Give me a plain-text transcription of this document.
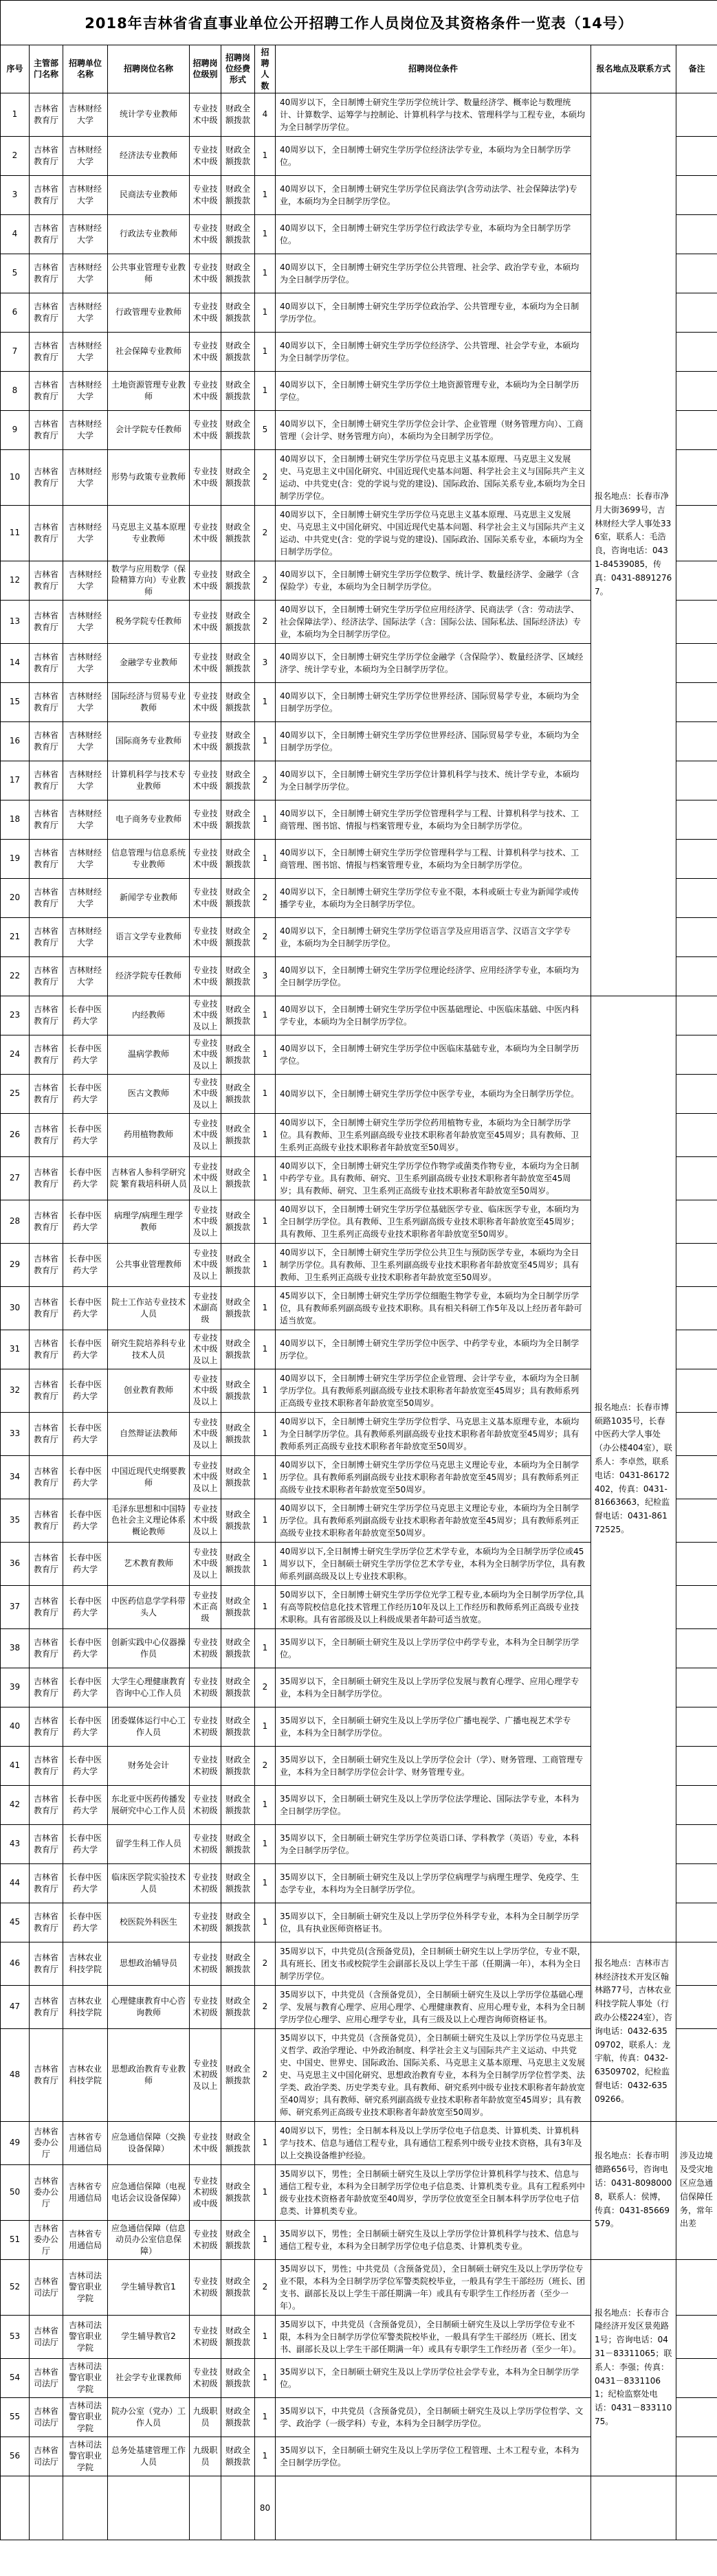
2018年吉林省省直事业单位公开招聘工作人员岗位及其资格条件一览表（14号）									
序号	主管部门名称	招聘单位名称	招聘岗位名称	招聘岗位级别	招聘岗位经费形式	招聘人数	招聘岗位条件	报名地点及联系方式	备注
1	吉林省教育厅	吉林财经大学	统计学专业教师	专业技术中级	财政全额拨款	4	40周岁以下，全日制博士研究生学历学位统计学、数量经济学、概率论与数理统计、计算数学、运筹学与控制论、计算机科学与技术、管理科学与工程专业，本硕均为全日制学历学位。	报名地点：长春市净月大街3699号，吉林财经大学人事处336室，联系人：毛浩良，咨询电话：0431-84539085，传真：0431-88912767。	
2	吉林省教育厅	吉林财经大学	经济法专业教师	专业技术中级	财政全额拨款	1	40周岁以下，全日制博士研究生学历学位经济法学专业，本硕均为全日制学历学位。		
3	吉林省教育厅	吉林财经大学	民商法专业教师	专业技术中级	财政全额拨款	1	40周岁以下，全日制博士研究生学历学位民商法学(含劳动法学、社会保障法学)专业，本硕均为全日制学历学位。		
4	吉林省教育厅	吉林财经大学	行政法专业教师	专业技术中级	财政全额拨款	1	40周岁以下，全日制博士研究生学历学位行政法学专业，本硕均为全日制学历学位。		
5	吉林省教育厅	吉林财经大学	公共事业管理专业教师	专业技术中级	财政全额拨款	1	40周岁以下，全日制博士研究生学历学位公共管理、社会学、政治学专业，本硕均为全日制学历学位。		
6	吉林省教育厅	吉林财经大学	行政管理专业教师	专业技术中级	财政全额拨款	1	40周岁以下，全日制博士研究生学历学位政治学、公共管理专业，本硕均为全日制学历学位。		
7	吉林省教育厅	吉林财经大学	社会保障专业教师	专业技术中级	财政全额拨款	1	40周岁以下，全日制博士研究生学历学位经济学、公共管理、社会学专业，本硕均为全日制学历学位。		
8	吉林省教育厅	吉林财经大学	土地资源管理专业教师	专业技术中级	财政全额拨款	1	40周岁以下，全日制博士研究生学历学位土地资源管理专业，本硕均为全日制学历学位。		
9	吉林省教育厅	吉林财经大学	会计学院专任教师	专业技术中级	财政全额拨款	5	40周岁以下，全日制博士研究生学历学位会计学、企业管理（财务管理方向）、工商管理（会计学、财务管理方向），本硕均为全日制学历学位。		
10	吉林省教育厅	吉林财经大学	形势与政策专业教师	专业技术中级	财政全额拨款	2	40周岁以下，全日制博士研究生学历学位马克思主义基本原理、马克思主义发展史、马克思主义中国化研究、中国近现代史基本问题、科学社会主义与国际共产主义运动、中共党史(含：党的学说与党的建设)、国际政治、国际关系专业,本硕均为全日制学历学位。		
11	吉林省教育厅	吉林财经大学	马克思主义基本原理专业教师	专业技术中级	财政全额拨款	2	40周岁以下，全日制博士研究生学历学位马克思主义基本原理、马克思主义发展史、马克思主义中国化研究、中国近现代史基本问题、科学社会主义与国际共产主义运动、中共党史(含：党的学说与党的建设)、国际政治、国际关系专业，本硕均为全日制学历学位。		
12	吉林省教育厅	吉林财经大学	数学与应用数学（保险精算方向）专业教师	专业技术中级	财政全额拨款	2	40周岁以下，全日制博士研究生学历学位数学、统计学、数量经济学、金融学（含保险学）专业，本硕均为全日制学历学位。		
13	吉林省教育厅	吉林财经大学	税务学院专任教师	专业技术中级	财政全额拨款	2	40周岁以下，全日制博士研究生学历学位应用经济学、民商法学（含：劳动法学、社会保障法学）、经济法学、国际法学（含：国际公法、国际私法、国际经济法）专业，本硕均为全日制学历学位。		
14	吉林省教育厅	吉林财经大学	金融学专业教师	专业技术中级	财政全额拨款	3	40周岁以下，全日制博士研究生学历学位金融学（含保险学）、数量经济学、区域经济学、统计学专业，本硕均为全日制学历学位。		
15	吉林省教育厅	吉林财经大学	国际经济与贸易专业教师	专业技术中级	财政全额拨款	1	40周岁以下，全日制博士研究生学历学位世界经济、国际贸易学专业，本硕均为全日制学历学位。		
16	吉林省教育厅	吉林财经大学	国际商务专业教师	专业技术中级	财政全额拨款	1	40周岁以下，全日制博士研究生学历学位世界经济、国际贸易学专业，本硕均为全日制学历学位。		
17	吉林省教育厅	吉林财经大学	计算机科学与技术专业教师	专业技术中级	财政全额拨款	2	40周岁以下，全日制博士研究生学历学位计算机科学与技术、统计学专业，本硕均为全日制学历学位。		
18	吉林省教育厅	吉林财经大学	电子商务专业教师	专业技术中级	财政全额拨款	1	40周岁以下，全日制博士研究生学历学位管理科学与工程、计算机科学与技术、工商管理、图书馆、情报与档案管理专业，本硕均为全日制学历学位。		
19	吉林省教育厅	吉林财经大学	信息管理与信息系统专业教师	专业技术中级	财政全额拨款	1	40周岁以下，全日制博士研究生学历学位管理科学与工程、计算机科学与技术、工商管理、图书馆、情报与档案管理专业，本硕均为全日制学历学位。		
20	吉林省教育厅	吉林财经大学	新闻学专业教师	专业技术中级	财政全额拨款	2	40周岁以下，全日制博士研究生学历学位专业不限，本科或硕士专业为新闻学或传播学专业，本硕均为全日制学历学位。		
21	吉林省教育厅	吉林财经大学	语言文学专业教师	专业技术中级	财政全额拨款	2	40周岁以下，全日制博士研究生学历学位语言学及应用语言学、汉语言文字学专业，本硕均为全日制学历学位。		
22	吉林省教育厅	吉林财经大学	经济学院专任教师	专业技术中级	财政全额拨款	3	40周岁以下，全日制博士研究生学历学位理论经济学、应用经济学专业，本硕均为全日制学历学位。		
23	吉林省教育厅	长春中医药大学	内经教师	专业技术中级及以上	财政全额拨款	1	40周岁以下，全日制博士研究生学历学位中医基础理论、中医临床基础、中医内科学专业，本硕均为全日制学历学位。	报名地点：长春市博硕路1035号，长春中医药大学人事处（办公楼404室），联系人：李卓然，联系电话：0431-86172402，传真：0431-81663663，纪检监督电话：0431-86172525。	
24	吉林省教育厅	长春中医药大学	温病学教师	专业技术中级及以上	财政全额拨款	1	40周岁以下，全日制博士研究生学历学位中医临床基础专业，本硕均为全日制学历学位。		
25	吉林省教育厅	长春中医药大学	医古文教师	专业技术中级及以上	财政全额拨款	1	40周岁以下，全日制博士研究生学历学位中医学专业，本硕均为全日制学历学位。		
26	吉林省教育厅	长春中医药大学	药用植物教师	专业技术中级及以上	财政全额拨款	1	40周岁以下，全日制博士研究生学历学位药用植物专业，本硕均为全日制学历学位。具有教师、卫生系列副高级专业技术职称者年龄放宽至45周岁；具有教师、卫生系列正高级专业技术职称者年龄放宽至50周岁。		
27	吉林省教育厅	长春中医药大学	吉林省人参科学研究院 繁育栽培科研人员	专业技术中级及以上	财政全额拨款	1	40周岁以下，全日制博士研究生学历学位作物学或菌类作物专业，本硕均为全日制中药学专业。具有教师、研究、卫生系列副高级专业技术职称者年龄放宽至45周岁；具有教师、研究、卫生系列正高级专业技术职称者年龄放宽至50周岁。		
28	吉林省教育厅	长春中医药大学	病理学/病理生理学教师	专业技术中级及以上	财政全额拨款	1	40周岁以下，全日制博士研究生学历学位基础医学专业、临床医学专业，本硕均为全日制学历学位。具有教师、卫生系列副高级专业技术职称者年龄放宽至45周岁；具有教师、卫生系列正高级专业技术职称者年龄放宽至50周岁。		
29	吉林省教育厅	长春中医药大学	公共事业管理教师	专业技术中级及以上	财政全额拨款	1	40周岁以下，全日制博士研究生学历学位公共卫生与预防医学专业，本硕均为全日制学历学位。具有教师、卫生系列副高级专业技术职称者年龄放宽至45周岁；具有教师、卫生系列正高级专业技术职称者年龄放宽至50周岁。		
30	吉林省教育厅	长春中医药大学	院士工作站专业技术人员	专业技术副高级	财政全额拨款	1	45周岁以下，全日制博士研究生学历学位细胞生物学专业，本硕均为全日制学历学位，具有教师系列副高级专业技术职称。具有相关科研工作5年及以上经历者年龄可适当放宽。		
31	吉林省教育厅	长春中医药大学	研究生院培养科专业技术人员	专业技术中级及以上	财政全额拨款	1	40周岁以下，全日制博士研究生学历学位中医学、中药学专业，本硕均为全日制学历学位。		
32	吉林省教育厅	长春中医药大学	创业教育教师	专业技术中级及以上	财政全额拨款	1	40周岁以下，全日制博士研究生学历学位企业管理、会计学专业，本硕均为全日制学历学位。具有教师系列副高级专业技术职称者年龄放宽至45周岁；具有教师系列正高级专业技术职称者年龄放宽至50周岁。		
33	吉林省教育厅	长春中医药大学	自然辩证法教师	专业技术中级及以上	财政全额拨款	1	40周岁以下，全日制博士研究生学历学位哲学、马克思主义基本原理专业，本硕均为全日制学历学位。具有教师系列副高级专业技术职称者年龄放宽至45周岁；具有教师系列正高级专业技术职称者年龄放宽至50周岁。		
34	吉林省教育厅	长春中医药大学	中国近现代史纲要教师	专业技术中级及以上	财政全额拨款	1	40周岁以下，全日制博士研究生学历学位马克思主义理论专业，本硕均为全日制学历学位。具有教师系列副高级专业技术职称者年龄放宽至45周岁；具有教师系列正高级专业技术职称者年龄放宽至50周岁。		
35	吉林省教育厅	长春中医药大学	毛泽东思想和中国特色社会主义理论体系概论教师	专业技术中级及以上	财政全额拨款	1	40周岁以下，全日制博士研究生学历学位马克思主义理论专业，本硕均为全日制学历学位。具有教师系列副高级专业技术职称者年龄放宽至45周岁；具有教师系列正高级专业技术职称者年龄放宽至50周岁。		
36	吉林省教育厅	长春中医药大学	艺术教育教师	专业技术中级及以上	财政全额拨款	1	40周岁以下,全日制博士研究生学历学位艺术学专业，本硕均为全日制学历学位或45周岁以下，全日制硕士研究生学历学位艺术学专业，本科为全日制学历学位，具有教师系列副高级及以上专业技术职称。		
37	吉林省教育厅	长春中医药大学	中医药信息学学科带头人	专业技术正高级	财政全额拨款	1	50周岁以下，全日制博士研究生学历学位光学工程专业,本硕均为全日制学历学位,具有高等院校信息化技术管理工作经历10年及以上工作经历和教师系列正高级专业技术职称。具有省部级及以上科级成果者年龄可适当放宽。		
38	吉林省教育厅	长春中医药大学	创新实践中心仪器操作员	专业技术初级	财政全额拨款	1	35周岁以下，全日制硕士研究生及以上学历学位中药学专业，本科为全日制学历学位。		
39	吉林省教育厅	长春中医药大学	大学生心理健康教育咨询中心工作人员	专业技术初级	财政全额拨款	2	35周岁以下，全日制硕士研究生及以上学历学位发展与教育心理学、应用心理学专业，本科为全日制学历学位。		
40	吉林省教育厅	长春中医药大学	团委媒体运行中心工作人员	专业技术初级	财政全额拨款	1	35周岁以下，全日制硕士研究生及以上学历学位广播电视学、广播电视艺术学专业，本科为全日制学历学位。		
41	吉林省教育厅	长春中医药大学	财务处会计	专业技术初级	财政全额拨款	2	35周岁以下，全日制硕士研究生及以上学历学位会计（学）、财务管理、工商管理专业，本科为全日制学历学位会计学、财务管理专业。		
42	吉林省教育厅	长春中医药大学	东北亚中医药传播发展研究中心工作人员	专业技术初级	财政全额拨款	1	35周岁以下，全日制硕士研究生及以上学历学位法学理论、国际法学专业，本科为全日制学历学位。		
43	吉林省教育厅	长春中医药大学	留学生科工作人员	专业技术初级	财政全额拨款	1	35周岁以下，全日制硕士研究生学历学位英语口译、学科教学（英语）专业，本科为全日制学历学位。		
44	吉林省教育厅	长春中医药大学	临床医学院实验技术人员	专业技术初级	财政全额拨款	1	35周岁以下，全日制硕士研究生及以上学历学位病理学与病理生理学、免疫学、生态学专业，本科均为全日制学历学位。		
45	吉林省教育厅	长春中医药大学	校医院外科医生	专业技术初级	财政全额拨款	1	35周岁以下，全日制硕士研究生及以上学历学位外科学专业，本科为全日制学历学位，具有执业医师资格证书。		
46	吉林省教育厅	吉林农业科技学院	思想政治辅导员	专业技术初级	财政全额拨款	2	35周岁以下，中共党员(含预备党员)，全日制硕士研究生以上学历学位，专业不限，具有班长、团支书或校院学生会副部长及以上学生干部（任期满一年），本科为全日制学历学位。	报名地点：吉林市吉林经济技术开发区翰林路77号，吉林农业科技学院人事处（行政办公楼224室），咨询电话：0432-63509702，联系人：龙宇航，传真：0432-63509702，纪检监督电话：0432-63509266。	
47	吉林省教育厅	吉林农业科技学院	心理健康教育中心咨询教师	专业技术初级	财政全额拨款	2	35周岁以下，中共党员（含预备党员），全日制硕士研究生及以上学历学位基础心理学、发展与教育心理学、应用心理学、心理健康教育、应用心理专业，本科为全日制学历学位心理学、应用心理学专业，具有三级及以上心理咨询师资格证书。		
48	吉林省教育厅	吉林农业科技学院	思想政治教育专业教师	专业技术初级及以上	财政全额拨款	2	35周岁以下，中共党员（含预备党员），全日制硕士研究生及以上学历学位马克思主义哲学、政治学理论、中外政治制度、科学社会主义与国际共产主义运动、中共党史、中国史、世界史、国际政治、国际关系、马克思主义基本原理、马克思主义发展史、马克思主义中国化研究、思想政治教育专业，本科为全日制学历学位哲学类、法学类、政治学类、历史学类专业。具有教师、研究系列中级专业技术职称者年龄放宽至40周岁；具有教师、研究系列副高级专业技术职称者年龄放宽至45周岁；具有教师、研究系列正高级专业技术职称者年龄放宽至50周岁。		
49	吉林省委办公厅	吉林省专用通信局	应急通信保障（交换设备保障）	专业技术中级	财政全额拨款	1	40周岁以下，男性；全日制本科及以上学历学位电子信息类、计算机类、计算机科学与技术、信息与通信工程专业，具有通信工程系列中级专业技术资格，具有3年及以上交换设备维护经验。	报名地点：长春市明德路656号，咨询电话：0431-80980008，联系人：侯博，传真：0431-85669579。	涉及边境及受灾地区应急通信保障任务，常年出差
50	吉林省委办公厅	吉林省专用通信局	应急通信保障（电视电话会议设备保障）	专业技术初级或中级	财政全额拨款	1	35周岁以下，男性；全日制硕士研究生及以上学历学位计算机科学与技术、信息与通信工程专业，本科为全日制学历学位电子信息类、计算机类专业。具有工程系列中级专业技术资格者年龄放宽至40周岁，学历学位放宽至全日制本科学历学位电子信息类、计算机类专业。		
51	吉林省委办公厅	吉林省专用通信局	应急通信保障（信息动员办公室信息保障）	专业技术初级	财政全额拨款	1	35周岁以下，男性；全日制硕士研究生及以上学历学位计算机科学与技术、信息与通信工程专业，本科为全日制学历学位电子信息类、计算机类专业。		
52	吉林省司法厅	吉林司法警官职业学院	学生辅导教官1	专业技术初级	财政全额拨款	2	35周岁以下，男性；中共党员（含预备党员），全日制硕士研究生及以上学历学位专业不限，本科为全日制学历学位军警类院校毕业，一般具有学生干部经历（班长、团支书、副部长及以上学生干部任期满一年）或具有专职学生工作经历者（至少一年）。	报名地点：长春市合隆经济开发区景苑路1号；咨询电话：0431－83311065；联系人：李强；传真：0431－83311061；纪检监察处电话：0431－83311075。	
53	吉林省司法厅	吉林司法警官职业学院	学生辅导教官2	专业技术初级	财政全额拨款	1	35周岁以下，中共党员（含预备党员），全日制硕士研究生及以上学历学位专业不限，本科为全日制学历学位军警类院校毕业，一般具有学生干部经历（班长、团支书、副部长及以上学生干部任期满一年）或具有专职学生工作经历者（至少一年）。		
54	吉林省司法厅	吉林司法警官职业学院	社会学专业课教师	专业技术初级	财政全额拨款	1	35周岁以下，全日制硕士研究生及以上学历学位社会学专业，本科为全日制学历学位。		
55	吉林省司法厅	吉林司法警官职业学院	院办公室（党办）工作人员	九级职员	财政全额拨款	1	35周岁以下，中共党员（含预备党员），全日制硕士研究生及以上学历学位哲学、文学、政治学（一级学科）专业，本科为全日制学历学位。		
56	吉林省司法厅	吉林司法警官职业学院	总务处基建管理工作人员	九级职员	财政全额拨款	1	35周岁以下，全日制硕士研究生及以上学历学位工程管理、土木工程专业，本科为全日制学历学位。		
						80			
